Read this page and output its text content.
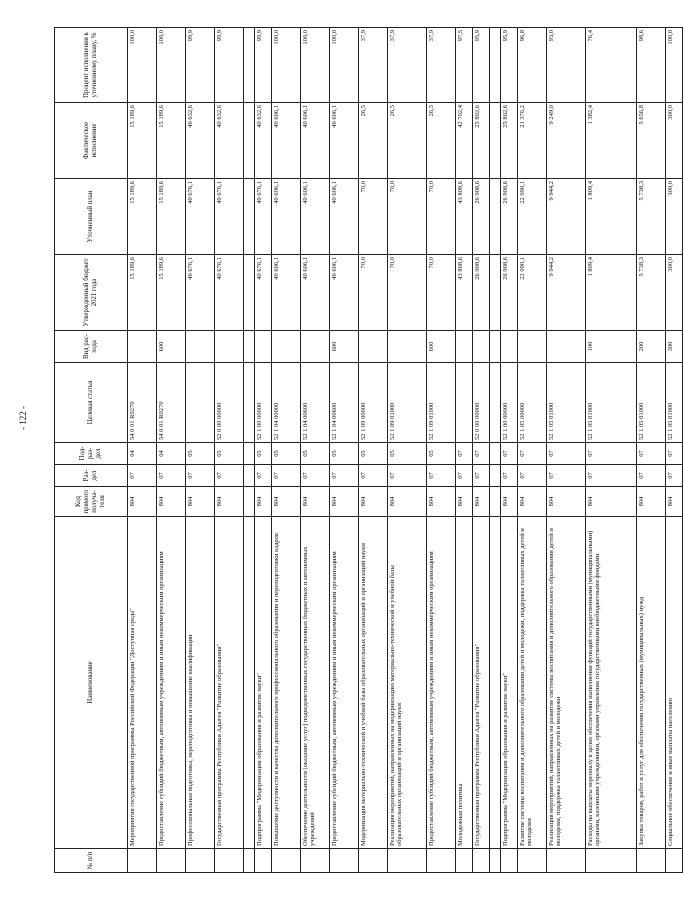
- 122 -
№ п/п	Наименование	Код прямого получа-теля	Раз-дел	Под-раз-дел	Целевая статья	Вид рас-хода	Утвержденный бюджет 2021 года	Уточненный план	Фактическое исполнение	Процент исполнения к уточненному плану, %
	Мероприятия государственной программы Российской Федерации "Доступная среда"	804	07	04	54 0 01 R0270		15 189,6	15 189,6	15 189,6	100,0
	Предоставление субсидий бюджетным, автономным учреждениям и иным некоммерческим организациям	804	07	04	54 0 01 R0270	600	15 189,6	15 189,6	15 189,6	100,0
	Профессиональная подготовка, переподготовка и повышение квалификации	804	07	05			40 676,1	40 676,1	40 632,6	99,9
	Государственная программа Республики Адыгея "Развитие образования"	804	07	05	52 0 00 00000		40 676,1	40 676,1	40 632,6	99,9

	Подпрограмма "Модернизация образования и развитие науки"	804	07	05	52 1 00 00000		40 676,1	40 676,1	40 632,6	99,9
	Повышение доступности и качества дополнительного профессионального образования и переподготовки кадров	804	07	05	52 1 04 00000		40 606,1	40 606,1	40 606,1	100,0
	Обеспечение деятельности (оказание услуг) подведомственных государственных бюджетных и автономных учреждений	804	07	05	52 1 04 00600		40 606,1	40 606,1	40 606,1	100,0
	Предоставление субсидий бюджетным, автономным учреждениям и иным некоммерческим организациям	804	07	05	52 1 04 00600	600	40 606,1	40 606,1	40 606,1	100,0
	Модернизация материально-технической и учебной базы образовательных организаций и организаций науки	804	07	05	52 1 09 00000		70,0	70,0	26,5	37,9
	Реализация мероприятий, направленных на модернизацию материально-технической и учебной базы образовательных организаций и организаций науки	804	07	05	52 1 09 01000		70,0	70,0	26,5	37,9
	Предоставление субсидий бюджетным, автономным учреждениям и иным некоммерческим организациям	804	07	05	52 1 09 01000	600	70,0	70,0	26,5	37,9
	Молодежная политика	804	07	07			43 808,6	43 808,6	42 702,4	97,5
	Государственная программа Республики Адыгея "Развитие образования"	804	07	07	52 0 00 00000		26 908,6	26 908,6	25 802,6	95,9

	Подпрограмма "Модернизация образования и развитие науки"	804	07	07	52 1 00 00000		26 908,6	26 908,6	25 802,6	95,9
	Развитие системы воспитания и дополнительного образования детей и молодежи, поддержка талантливых детей и молодежи	804	07	07	52 1 05 00000		22 090,1	22 090,1	21 376,2	96,8
	Реализация мероприятий, направленных на развитие системы воспитания и дополнительного образования детей и молодежи, поддержка талантливых детей и молодежи	804	07	07	52 1 05 01000		9 944,2	9 944,2	9 249,0	93,0
	Расходы на выплаты персоналу в целях обеспечения выполнения функций государственными (муниципальными) органами, казенными учреждениями, органами управления государственными внебюджетными фондами	804	07	07	52 1 05 01000	100	1 809,4	1 809,4	1 382,4	76,4
	Закупка товаров, работ и услуг для обеспечения государственных (муниципальных) нужд	804	07	07	52 1 05 01000	200	5 738,3	5 738,3	5 656,8	98,6
	Социальное обеспечение и иные выплаты населению	804	07	07	52 1 05 01000	300	300,0	300,0	300,0	100,0
